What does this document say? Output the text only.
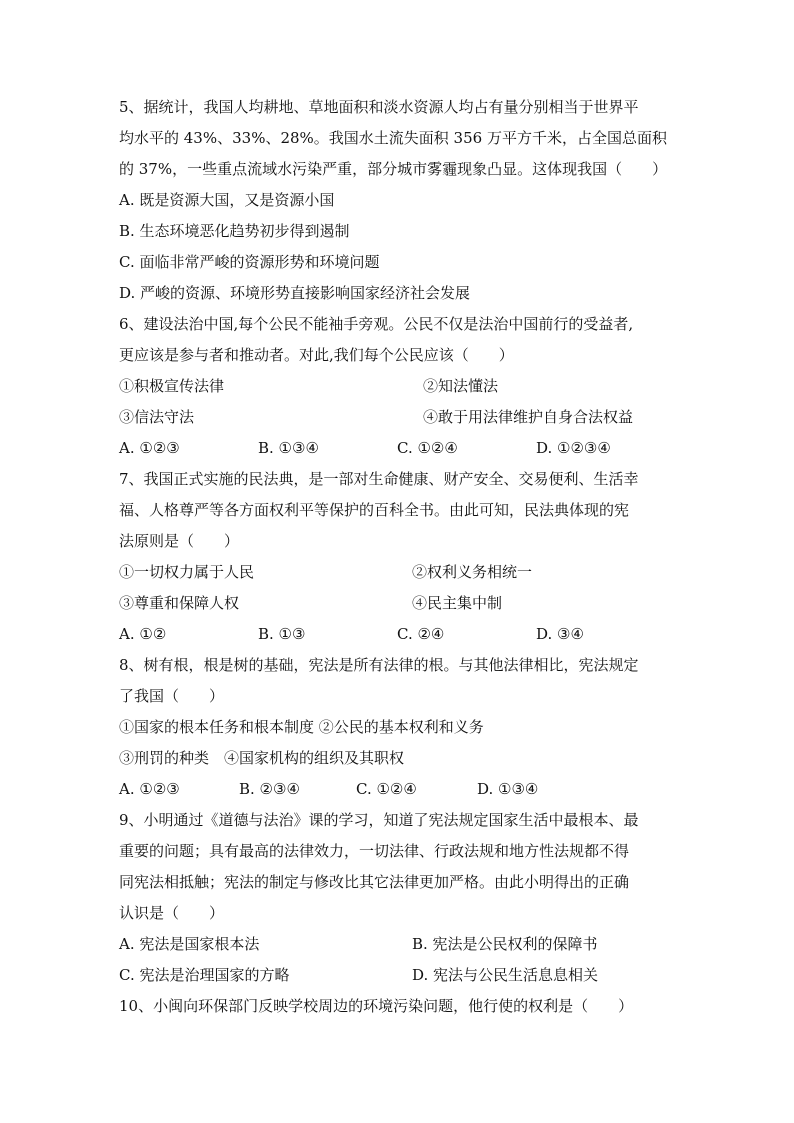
5、据统计，我国人均耕地、草地面积和淡水资源人均占有量分别相当于世界平
均水平的 43%、33%、28%。我国水土流失面积 356 万平方千米，占全国总面积
的 37%，一些重点流域水污染严重，部分城市雾霾现象凸显。这体现我国（　　）
A. 既是资源大国，又是资源小国
B. 生态环境恶化趋势初步得到遏制
C. 面临非常严峻的资源形势和环境问题
D. 严峻的资源、环境形势直接影响国家经济社会发展
6、建设法治中国,每个公民不能袖手旁观。公民不仅是法治中国前行的受益者,
更应该是参与者和推动者。对此,我们每个公民应该（　　）
①积极宣传法律	②知法懂法
③信法守法	④敢于用法律维护自身合法权益
A. ①②③	B. ①③④	C. ①②④	D. ①②③④
7、我国正式实施的民法典，是一部对生命健康、财产安全、交易便利、生活幸
福、人格尊严等各方面权利平等保护的百科全书。由此可知，民法典体现的宪
法原则是（　　）
①一切权力属于人民	②权利义务相统一
③尊重和保障人权	④民主集中制
A. ①②	B. ①③	C. ②④	D. ③④
8、树有根，根是树的基础，宪法是所有法律的根。与其他法律相比，宪法规定
了我国（　　）
①国家的根本任务和根本制度 ②公民的基本权利和义务
③刑罚的种类　④国家机构的组织及其职权
A. ①②③	B. ②③④	C. ①②④	D. ①③④
9、小明通过《道德与法治》课的学习，知道了宪法规定国家生活中最根本、最
重要的问题；具有最高的法律效力，一切法律、行政法规和地方性法规都不得
同宪法相抵触；宪法的制定与修改比其它法律更加严格。由此小明得出的正确
认识是（　　）
A. 宪法是国家根本法	B. 宪法是公民权利的保障书
C. 宪法是治理国家的方略	D. 宪法与公民生活息息相关
10、小闽向环保部门反映学校周边的环境污染问题，他行使的权利是（　　）
